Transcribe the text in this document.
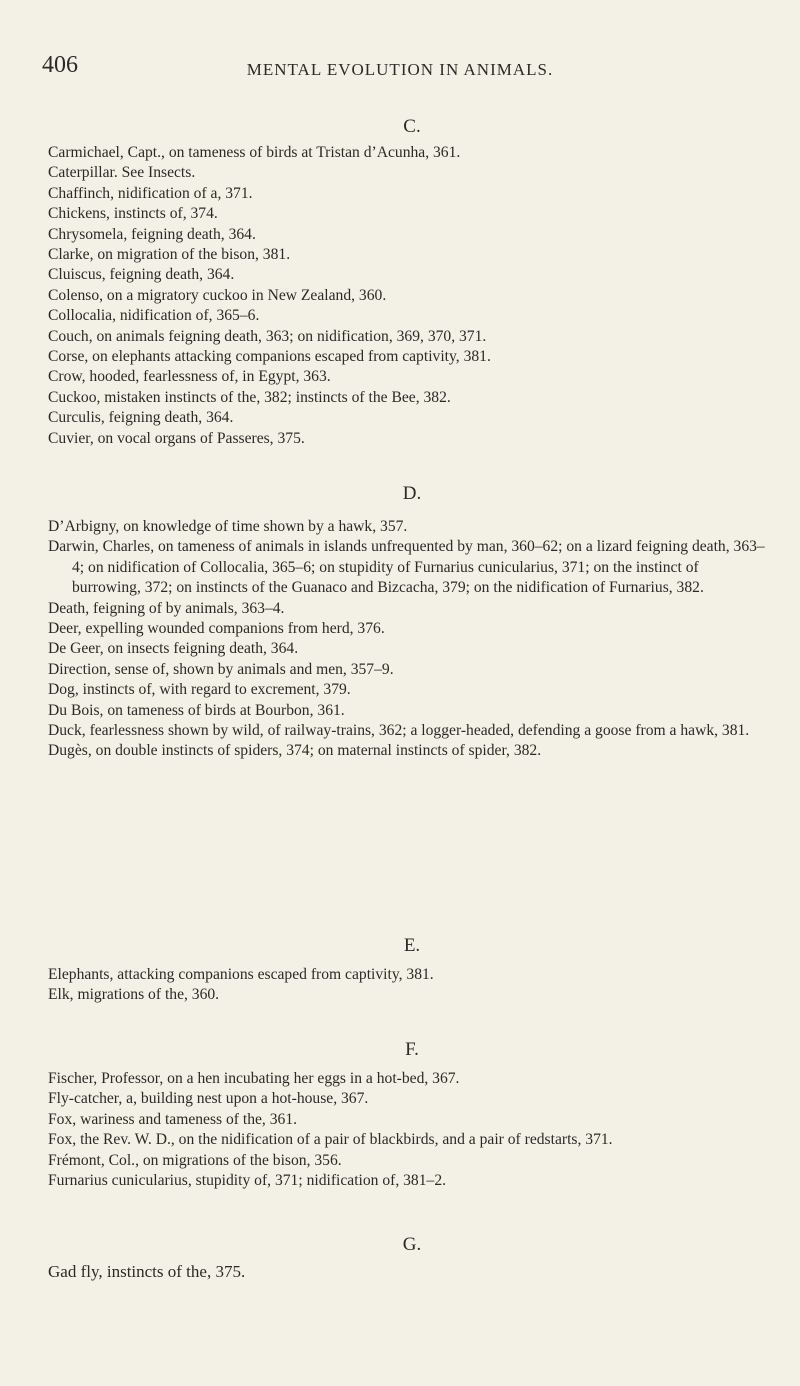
406	MENTAL EVOLUTION IN ANIMALS.
C.

Carmichael, Capt., on tameness of birds at Tristan d’Acunha, 361.

Caterpillar. See Insects.

Chaffinch, nidification of a, 371.

Chickens, instincts of, 374.

Chrysomela, feigning death, 364.

Clarke, on migration of the bison, 381.

Cluiscus, feigning death, 364.

Colenso, on a migratory cuckoo in New Zealand, 360.

Collocalia, nidification of, 365–6.

Couch, on animals feigning death, 363; on nidification, 369, 370, 371.

Corse, on elephants attacking companions escaped from captivity, 381.

Crow, hooded, fearlessness of, in Egypt, 363.

Cuckoo, mistaken instincts of the, 382; instincts of the Bee, 382.

Curculis, feigning death, 364.

Cuvier, on vocal organs of Passeres, 375.

D.

D’Arbigny, on knowledge of time shown by a hawk, 357.

Darwin, Charles, on tameness of animals in islands unfrequented by man, 360–62; on a lizard feigning death, 363–4; on nidification of Collocalia, 365–6; on stupidity of Furnarius cunicularius, 371; on the instinct of burrowing, 372; on instincts of the Guanaco and Bizcacha, 379; on the nidification of Furnarius, 382.

Death, feigning of by animals, 363–4.

Deer, expelling wounded companions from herd, 376.

De Geer, on insects feigning death, 364.

Direction, sense of, shown by animals and men, 357–9.

Dog, instincts of, with regard to excrement, 379.

Du Bois, on tameness of birds at Bourbon, 361.

Duck, fearlessness shown by wild, of railway-trains, 362; a logger-headed, defending a goose from a hawk, 381.

Dugès, on double instincts of spiders, 374; on maternal instincts of spider, 382.

E.

Elephants, attacking companions escaped from captivity, 381.

Elk, migrations of the, 360.

F.

Fischer, Professor, on a hen incubating her eggs in a hot-bed, 367.

Fly-catcher, a, building nest upon a hot-house, 367.

Fox, wariness and tameness of the, 361.

Fox, the Rev. W. D., on the nidification of a pair of blackbirds, and a pair of redstarts, 371.

Frémont, Col., on migrations of the bison, 356.

Furnarius cunicularius, stupidity of, 371; nidification of, 381–2.

G.

Gad fly, instincts of the, 375.
